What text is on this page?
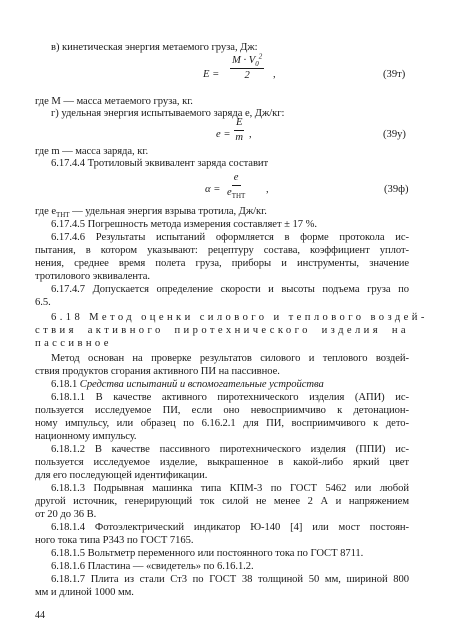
в) кинетическая энергия метаемого груза, Дж:
$E = \frac{M \cdot V_0^2}{2}$ ,	(39т)
где M — масса метаемого груза, кг.
г) удельная энергия испытываемого заряда e, Дж/кг:
$e = \frac{E}{m}$ ,	(39у)
где m — масса заряда, кг.
6.17.4.4 Тротиловый эквивалент заряда составит
α =
e
$e_{ТНТ}$
,	(39ф)
где $e_{ТНТ}$ — удельная энергия взрыва тротила, Дж/кг.
6.17.4.5 Погрешность метода измерения составляет ± 17 %.
6.17.4.6 Результаты испытаний оформляется в форме протокола ис-
пытания, в котором указывают: рецептуру состава, коэффициент уплот-
нения, среднее время полета груза, приборы и инструменты, значение
тротилового эквивалента.
6.17.4.7 Допускается определение скорости и высоты подъема груза по
6.5.
6.18 Метод оценки силового и теплового воздей-
ствия активного пиротехнического изделия на
пассивное
Метод основан на проверке результатов силового и теплового воздей-
ствия продуктов сгорания активного ПИ на пассивное.
6.18.1 Средства испытаний и вспомогательные устройства
6.18.1.1 В качестве активного пиротехнического изделия (АПИ) ис-
пользуется исследуемое ПИ, если оно невосприимчиво к детонацион-
ному импульсу, или образец по 6.16.2.1 для ПИ, восприимчивого к дето-
национному импульсу.
6.18.1.2 В качестве пассивного пиротехнического изделия (ППИ) ис-
пользуется исследуемое изделие, выкрашенное в какой-либо яркий цвет
для его последующей идентификации.
6.18.1.3 Подрывная машинка типа КПМ-3 по ГОСТ 5462 или любой
другой источник, генерирующий ток силой не менее 2 А и напряжением
от 20 до 36 В.
6.18.1.4 Фотоэлектрический индикатор Ю-140 [4] или мост постоян-
ного тока типа Р343 по ГОСТ 7165.
6.18.1.5 Вольтметр переменного или постоянного тока по ГОСТ 8711.
6.18.1.6 Пластина — «свидетель» по 6.16.1.2.
6.18.1.7 Плита из стали Ст3 по ГОСТ 38 толщиной 50 мм, шириной 800
мм и длиной 1000 мм.
44
